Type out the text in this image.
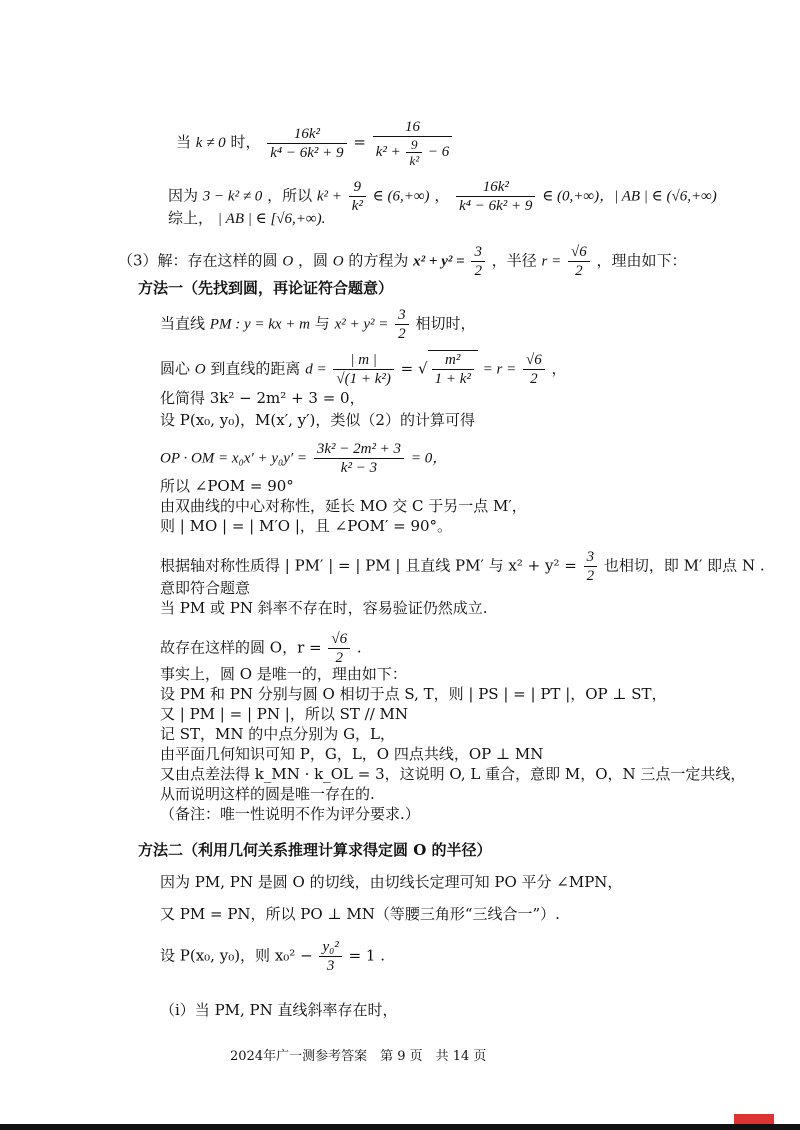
当 k ≠ 0 时， $\frac{\text{16k²}}{\text{k⁴ − 6k² + 9}} = \frac{16}{k^2 + \frac{9}{\text{k²}} - 6}$
因为 3 − k² ≠ 0 ，所以 $k^2 + \frac{9}{\text{k²}}$ ∈ (6,+∞) ， $\frac{\text{16k²}}{\text{k⁴ − 6k² + 9}}$ ∈ (0,+∞)，| AB | ∈ (√6,+∞)
综上， | AB | ∈ [√6,+∞).
（3）解：存在这样的圆 O ，圆 O 的方程为 $x^2 + y^2 = \frac{3}{2}$ ，半径 $r = \frac{√6}{2}$ ，理由如下：
方法一（先找到圆，再论证符合题意）
当直线 PM : y = kx + m 与 $x^2 + y^2 = \frac{3}{2}$ 相切时，
圆心 O 到直线的距离 $d = \frac{| m |}{\text{√(1 + k²)}}$ = √ $\frac{\text{m²}}{\text{1 + k²}} = r = \frac{√6}{2}$ ，
化简得 3k² − 2m² + 3 = 0，
设 P(x₀, y₀)，M(x′, y′)，类似（2）的计算可得
OP · OM = $x_0x' + y_0y' = \frac{\text{3k² − 2m² + 3}}{\text{k² − 3}} = 0$，
所以 ∠POM = 90°
由双曲线的中心对称性，延长 MO 交 C 于另一点 M′，
则 | MO | = | M′O |，且 ∠POM′ = 90°。
根据轴对称性质得 | PM′ | = | PM | 且直线 PM′ 与 $x^2 + y^2 = \frac{3}{2}$ 也相切，即 M′ 即点 N .
意即符合题意
当 PM 或 PN 斜率不存在时，容易验证仍然成立.
故存在这样的圆 O，$r = \frac{√6}{2}$ .
事实上，圆 O 是唯一的，理由如下：
设 PM 和 PN 分别与圆 O 相切于点 S, T，则 | PS | = | PT |，OP ⊥ ST，
又 | PM | = | PN |，所以 ST // MN
记 ST，MN 的中点分别为 G，L，
由平面几何知识可知 P，G，L，O 四点共线，OP ⊥ MN
又由点差法得 k_MN · k_OL = 3，这说明 O, L 重合，意即 M，O，N 三点一定共线，
从而说明这样的圆是唯一存在的.
（备注：唯一性说明不作为评分要求.）
方法二（利用几何关系推理计算求得定圆 O 的半径）
因为 PM, PN 是圆 O 的切线，由切线长定理可知 PO 平分 ∠MPN，
又 PM = PN，所以 PO ⊥ MN（等腰三角形“三线合一”）.
设 P(x₀, y₀)，则 $x_0^2 - \frac{\text{y₀²}}{3} = 1$ .
（i）当 PM, PN 直线斜率存在时，
2024年广一测参考答案　第 9 页　共 14 页
